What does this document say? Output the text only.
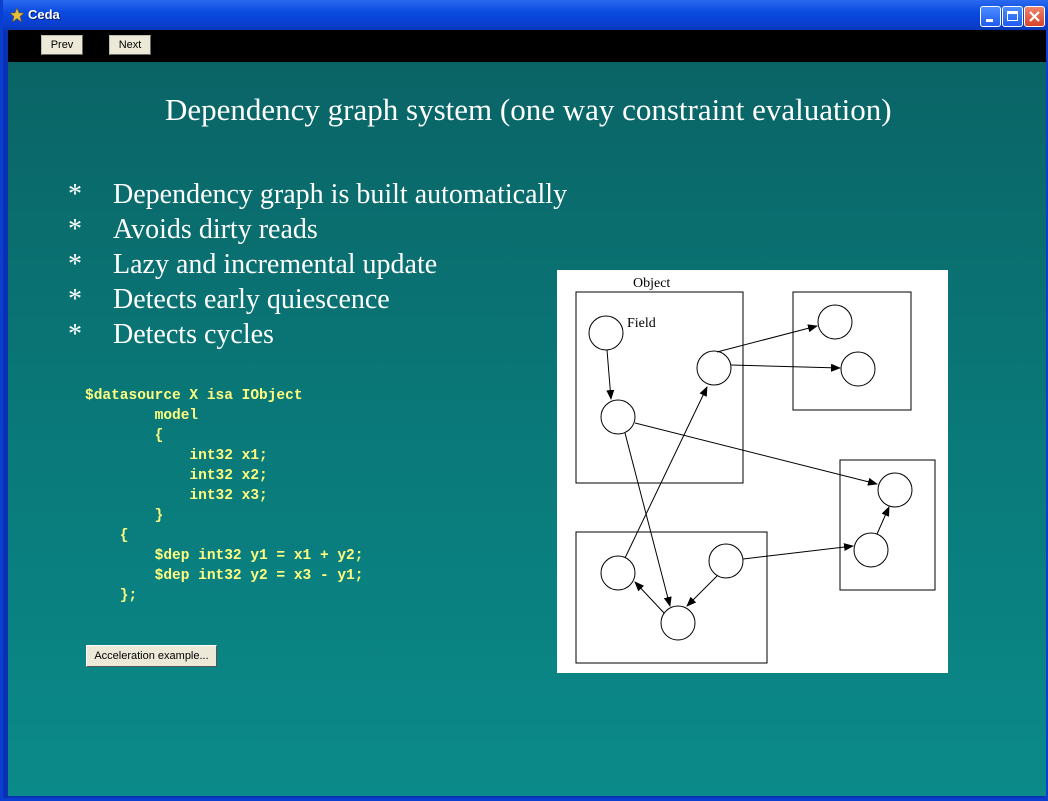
Ceda
Prev	Next
Dependency graph system (one way constraint evaluation)
* Dependency graph is built automatically
* Avoids dirty reads
* Lazy and incremental update
* Detects early quiescence
* Detects cycles
$datasource X isa IObject
model
{
int32 x1;
int32 x2;
int32 x3;
}
{
$dep int32 y1 = x1 + y2;
$dep int32 y2 = x3 - y1;
};
Acceleration example...
Object
Field
